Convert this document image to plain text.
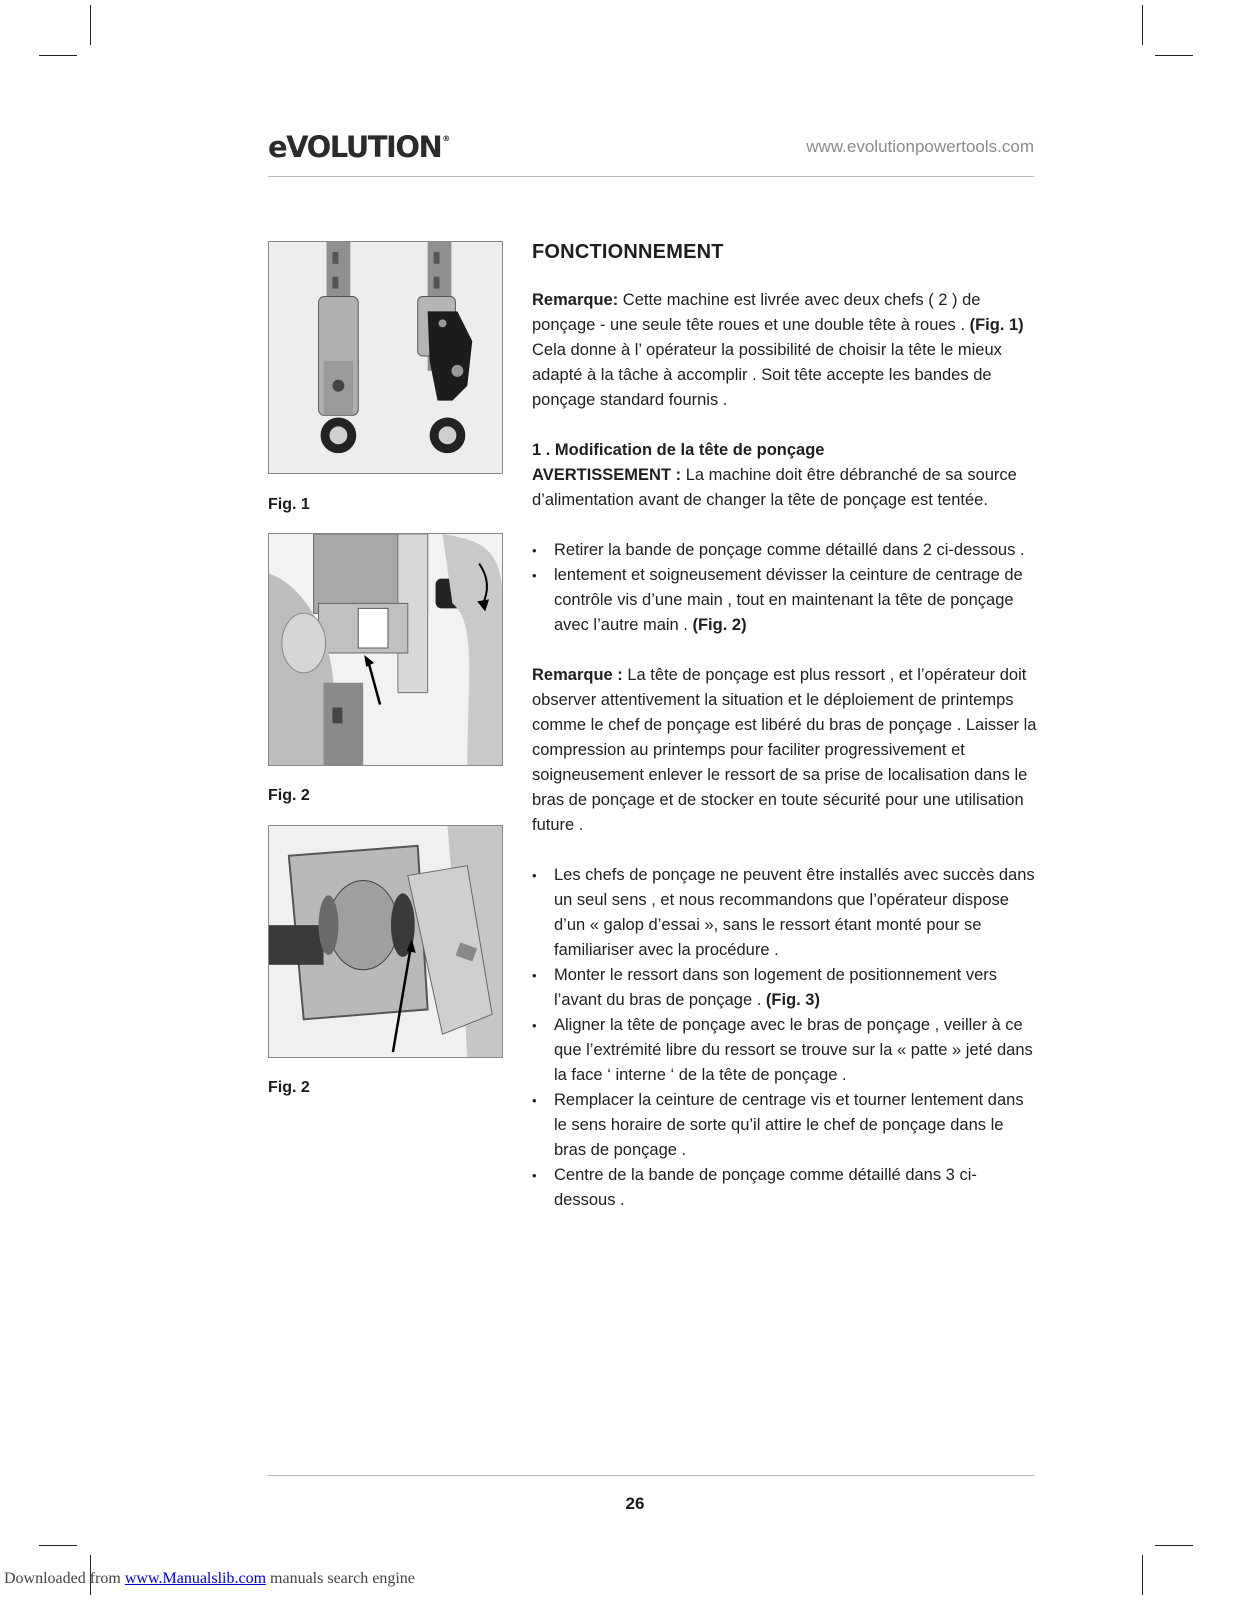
eVOLUTION®	www.evolutionpowertools.com
Fig. 1
Fig. 2
Fig. 2
FONCTIONNEMENT

Remarque: Cette machine est livrée avec deux chefs ( 2 ) de ponçage - une seule tête roues et une double tête à roues . (Fig. 1) Cela donne à l’ opérateur la possibilité de choisir la tête le mieux adapté à la tâche à accomplir . Soit tête accepte les bandes de ponçage standard fournis .

1 . Modification de la tête de ponçage

AVERTISSEMENT : La machine doit être débranché de sa source d’alimentation avant de changer la tête de ponçage est tentée.

• Retirer la bande de ponçage comme détaillé dans 2 ci-dessous .
• lentement et soigneusement dévisser la ceinture de centrage de contrôle vis d’une main , tout en maintenant la tête de ponçage avec l’autre main . (Fig. 2)

Remarque : La tête de ponçage est plus ressort , et l’opérateur doit observer attentivement la situation et le déploiement de printemps comme le chef de ponçage est libéré du bras de ponçage . Laisser la compression au printemps pour faciliter progressivement et soigneusement enlever le ressort de sa prise de localisation dans le bras de ponçage et de stocker en toute sécurité pour une utilisation future .

• Les chefs de ponçage ne peuvent être installés avec succès dans un seul sens , et nous recommandons que l’opérateur dispose d’un « galop d’essai », sans le ressort étant monté pour se familiariser avec la procédure .
• Monter le ressort dans son logement de positionnement vers l’avant du bras de ponçage . (Fig. 3)
• Aligner la tête de ponçage avec le bras de ponçage , veiller à ce que l’extrémité libre du ressort se trouve sur la « patte » jeté dans la face ‘ interne ‘ de la tête de ponçage .
• Remplacer la ceinture de centrage vis et tourner lentement dans le sens horaire de sorte qu’il attire le chef de ponçage dans le bras de ponçage .
• Centre de la bande de ponçage comme détaillé dans 3 ci-dessous .
26
Downloaded from www.Manualslib.com manuals search engine
